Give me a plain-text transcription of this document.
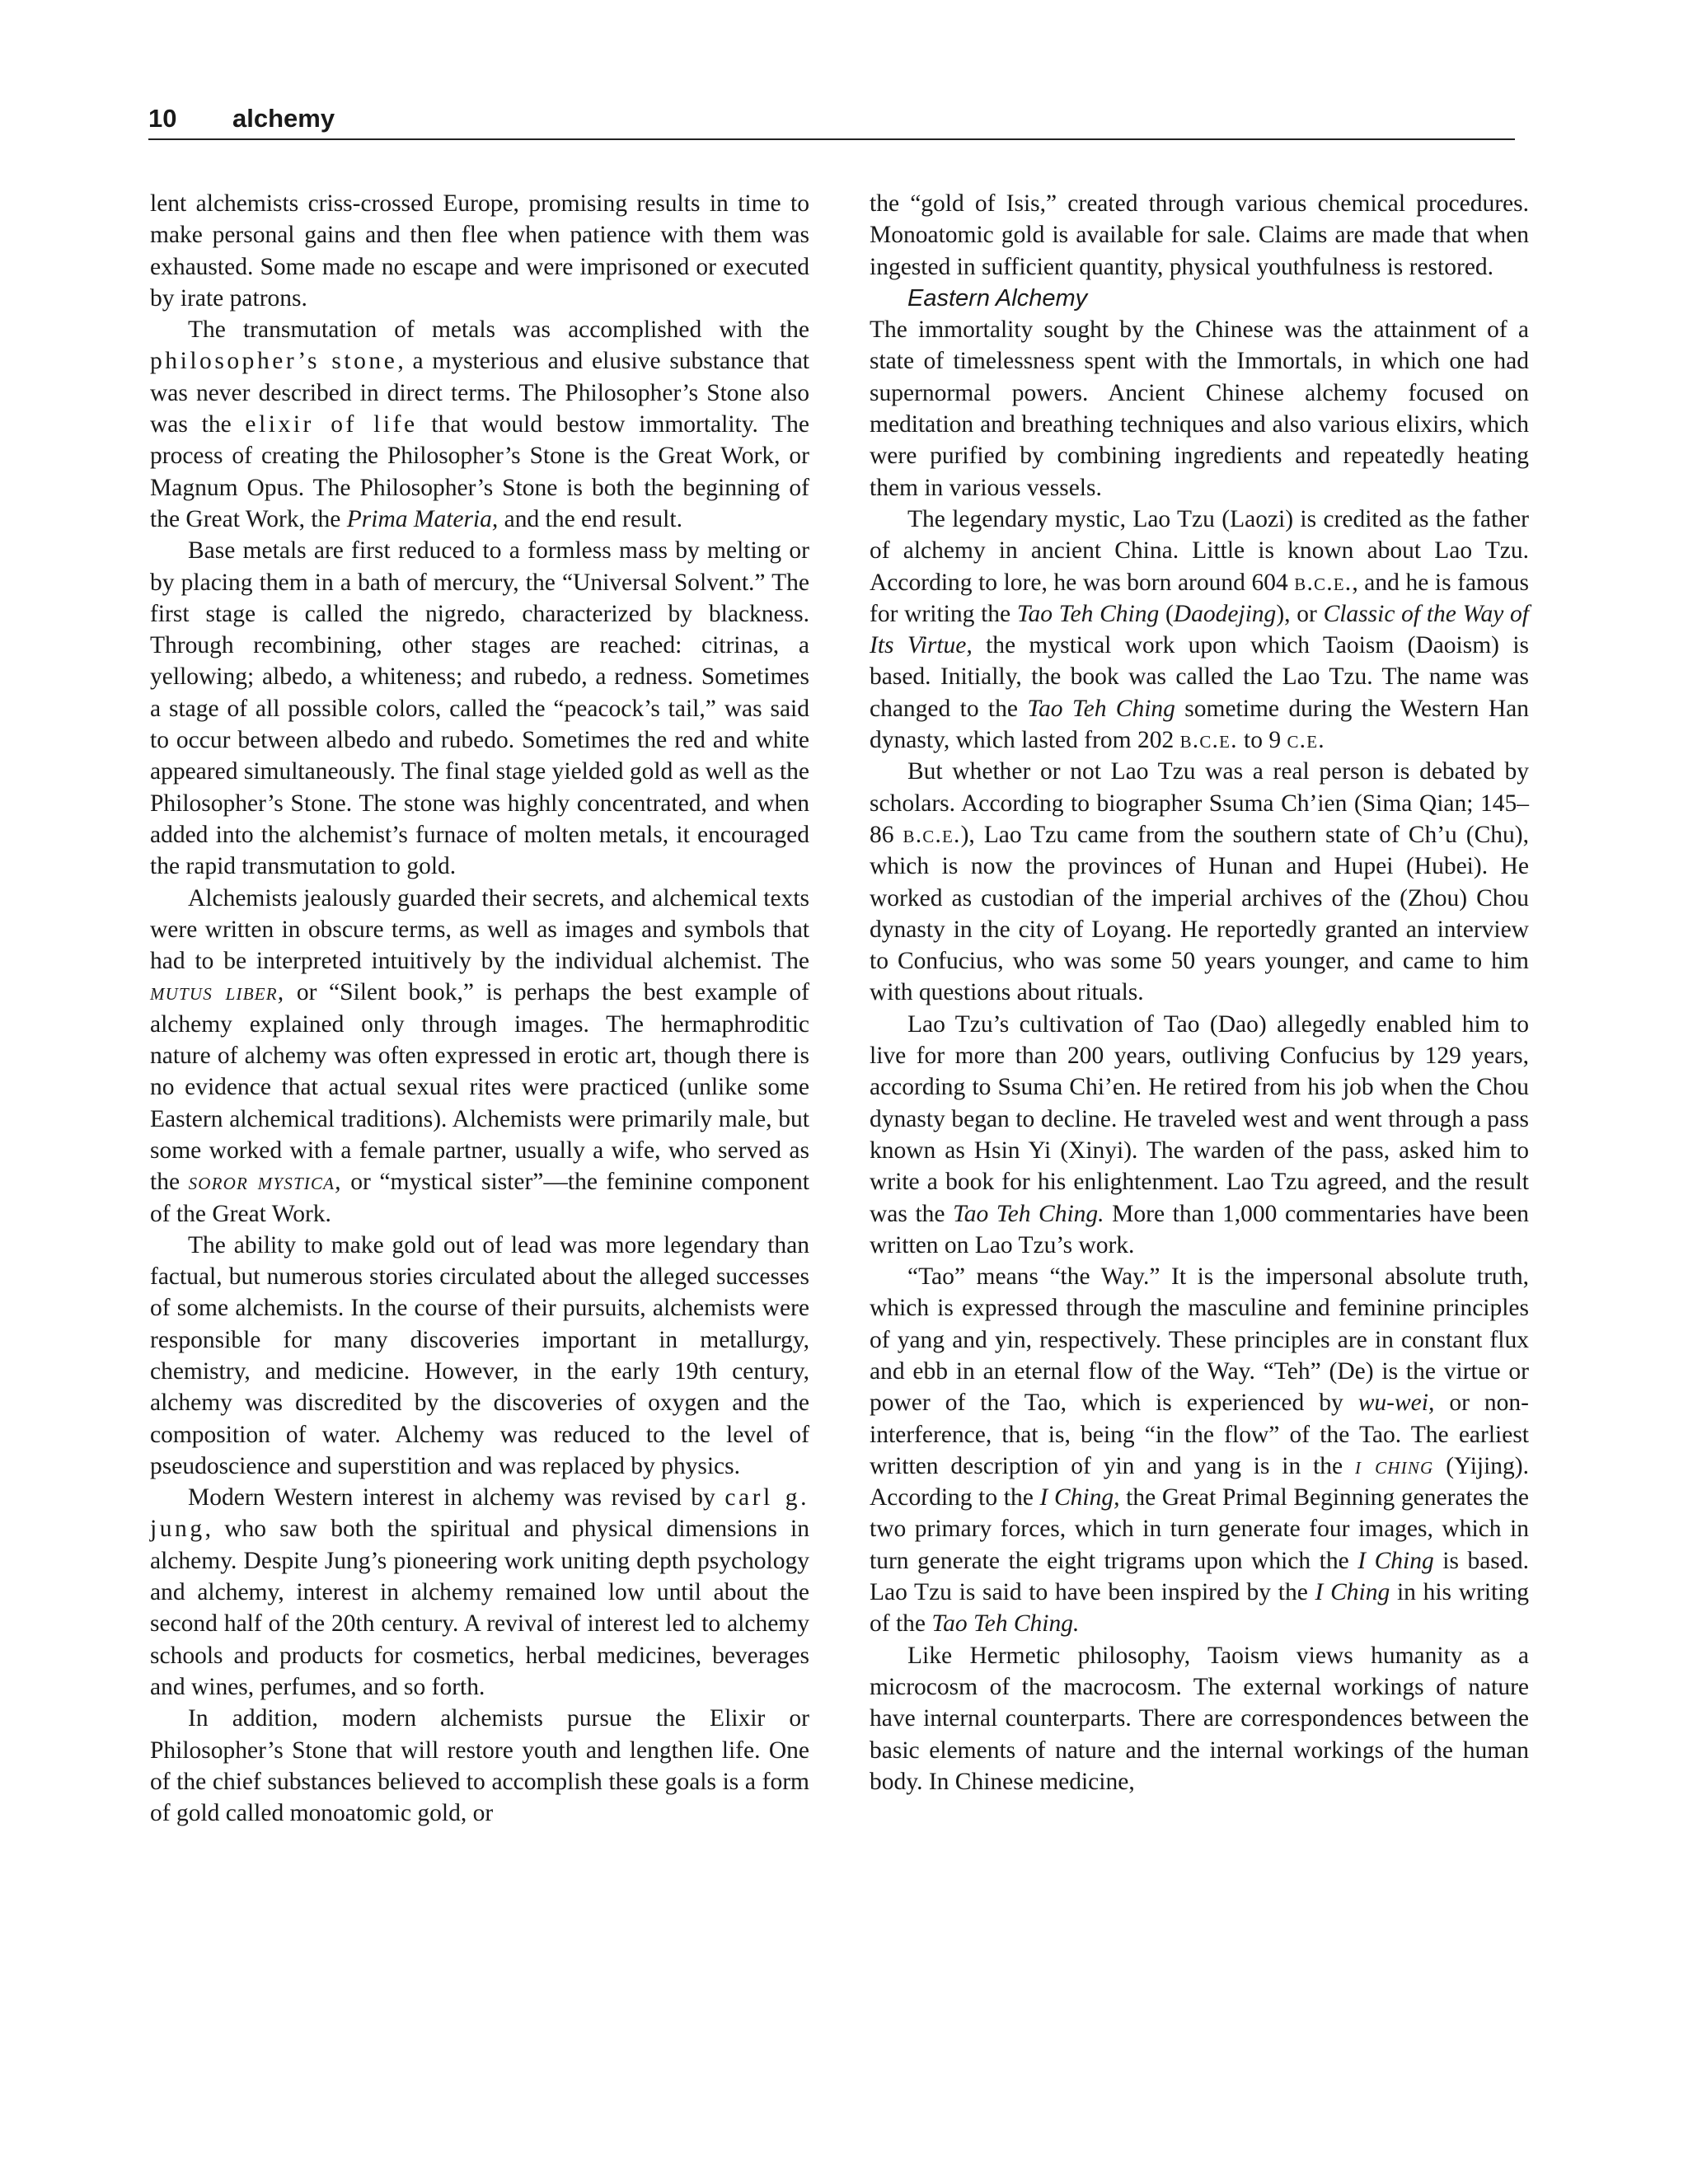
10 alchemy

lent alchemists criss-crossed Europe, promising results in time to make personal gains and then flee when patience with them was exhausted. Some made no escape and were imprisoned or executed by irate patrons.

The transmutation of metals was accomplished with the philosopher’s stone, a mysterious and elusive substance that was never described in direct terms. The Philosopher’s Stone also was the elixir of life that would bestow immortality. The process of creating the Philosopher’s Stone is the Great Work, or Magnum Opus. The Philosopher’s Stone is both the beginning of the Great Work, the Prima Materia, and the end result.

Base metals are first reduced to a formless mass by melting or by placing them in a bath of mercury, the “Universal Solvent.” The first stage is called the nigredo, characterized by blackness. Through recombining, other stages are reached: citrinas, a yellowing; albedo, a whiteness; and rubedo, a redness. Sometimes a stage of all possible colors, called the “peacock’s tail,” was said to occur between albedo and rubedo. Sometimes the red and white appeared simultaneously. The final stage yielded gold as well as the Philosopher’s Stone. The stone was highly concentrated, and when added into the alchemist’s furnace of molten metals, it encouraged the rapid transmutation to gold.

Alchemists jealously guarded their secrets, and alchemical texts were written in obscure terms, as well as images and symbols that had to be interpreted intuitively by the individual alchemist. The mutus liber, or “Silent book,” is perhaps the best example of alchemy explained only through images. The hermaphroditic nature of alchemy was often expressed in erotic art, though there is no evidence that actual sexual rites were practiced (unlike some Eastern alchemical traditions). Alchemists were primarily male, but some worked with a female partner, usually a wife, who served as the soror mystica, or “mystical sister”—the feminine component of the Great Work.

The ability to make gold out of lead was more legendary than factual, but numerous stories circulated about the alleged successes of some alchemists. In the course of their pursuits, alchemists were responsible for many discoveries important in metallurgy, chemistry, and medicine. However, in the early 19th century, alchemy was discredited by the discoveries of oxygen and the composition of water. Alchemy was reduced to the level of pseudoscience and superstition and was replaced by physics.

Modern Western interest in alchemy was revised by carl g. jung, who saw both the spiritual and physical dimensions in alchemy. Despite Jung’s pioneering work uniting depth psychology and alchemy, interest in alchemy remained low until about the second half of the 20th century. A revival of interest led to alchemy schools and products for cosmetics, herbal medicines, beverages and wines, perfumes, and so forth.

In addition, modern alchemists pursue the Elixir or Philosopher’s Stone that will restore youth and lengthen life. One of the chief substances believed to accomplish these goals is a form of gold called monoatomic gold, or

the “gold of Isis,” created through various chemical procedures. Monoatomic gold is available for sale. Claims are made that when ingested in sufficient quantity, physical youthfulness is restored.

Eastern Alchemy

The immortality sought by the Chinese was the attainment of a state of timelessness spent with the Immortals, in which one had supernormal powers. Ancient Chinese alchemy focused on meditation and breathing techniques and also various elixirs, which were purified by combining ingredients and repeatedly heating them in various vessels.

The legendary mystic, Lao Tzu (Laozi) is credited as the father of alchemy in ancient China. Little is known about Lao Tzu. According to lore, he was born around 604 b.c.e., and he is famous for writing the Tao Teh Ching (Daodejing), or Classic of the Way of Its Virtue, the mystical work upon which Taoism (Daoism) is based. Initially, the book was called the Lao Tzu. The name was changed to the Tao Teh Ching sometime during the Western Han dynasty, which lasted from 202 b.c.e. to 9 c.e.

But whether or not Lao Tzu was a real person is debated by scholars. According to biographer Ssuma Ch’ien (Sima Qian; 145–86 b.c.e.), Lao Tzu came from the southern state of Ch’u (Chu), which is now the provinces of Hunan and Hupei (Hubei). He worked as custodian of the imperial archives of the (Zhou) Chou dynasty in the city of Loyang. He reportedly granted an interview to Confucius, who was some 50 years younger, and came to him with questions about rituals.

Lao Tzu’s cultivation of Tao (Dao) allegedly enabled him to live for more than 200 years, outliving Confucius by 129 years, according to Ssuma Chi’en. He retired from his job when the Chou dynasty began to decline. He traveled west and went through a pass known as Hsin Yi (Xinyi). The warden of the pass, asked him to write a book for his enlightenment. Lao Tzu agreed, and the result was the Tao Teh Ching. More than 1,000 commentaries have been written on Lao Tzu’s work.

“Tao” means “the Way.” It is the impersonal absolute truth, which is expressed through the masculine and feminine principles of yang and yin, respectively. These principles are in constant flux and ebb in an eternal flow of the Way. “Teh” (De) is the virtue or power of the Tao, which is experienced by wu-wei, or non-interference, that is, being “in the flow” of the Tao. The earliest written description of yin and yang is in the i ching (Yijing). According to the I Ching, the Great Primal Beginning generates the two primary forces, which in turn generate four images, which in turn generate the eight trigrams upon which the I Ching is based. Lao Tzu is said to have been inspired by the I Ching in his writing of the Tao Teh Ching.

Like Hermetic philosophy, Taoism views humanity as a microcosm of the macrocosm. The external workings of nature have internal counterparts. There are correspondences between the basic elements of nature and the internal workings of the human body. In Chinese medicine,
